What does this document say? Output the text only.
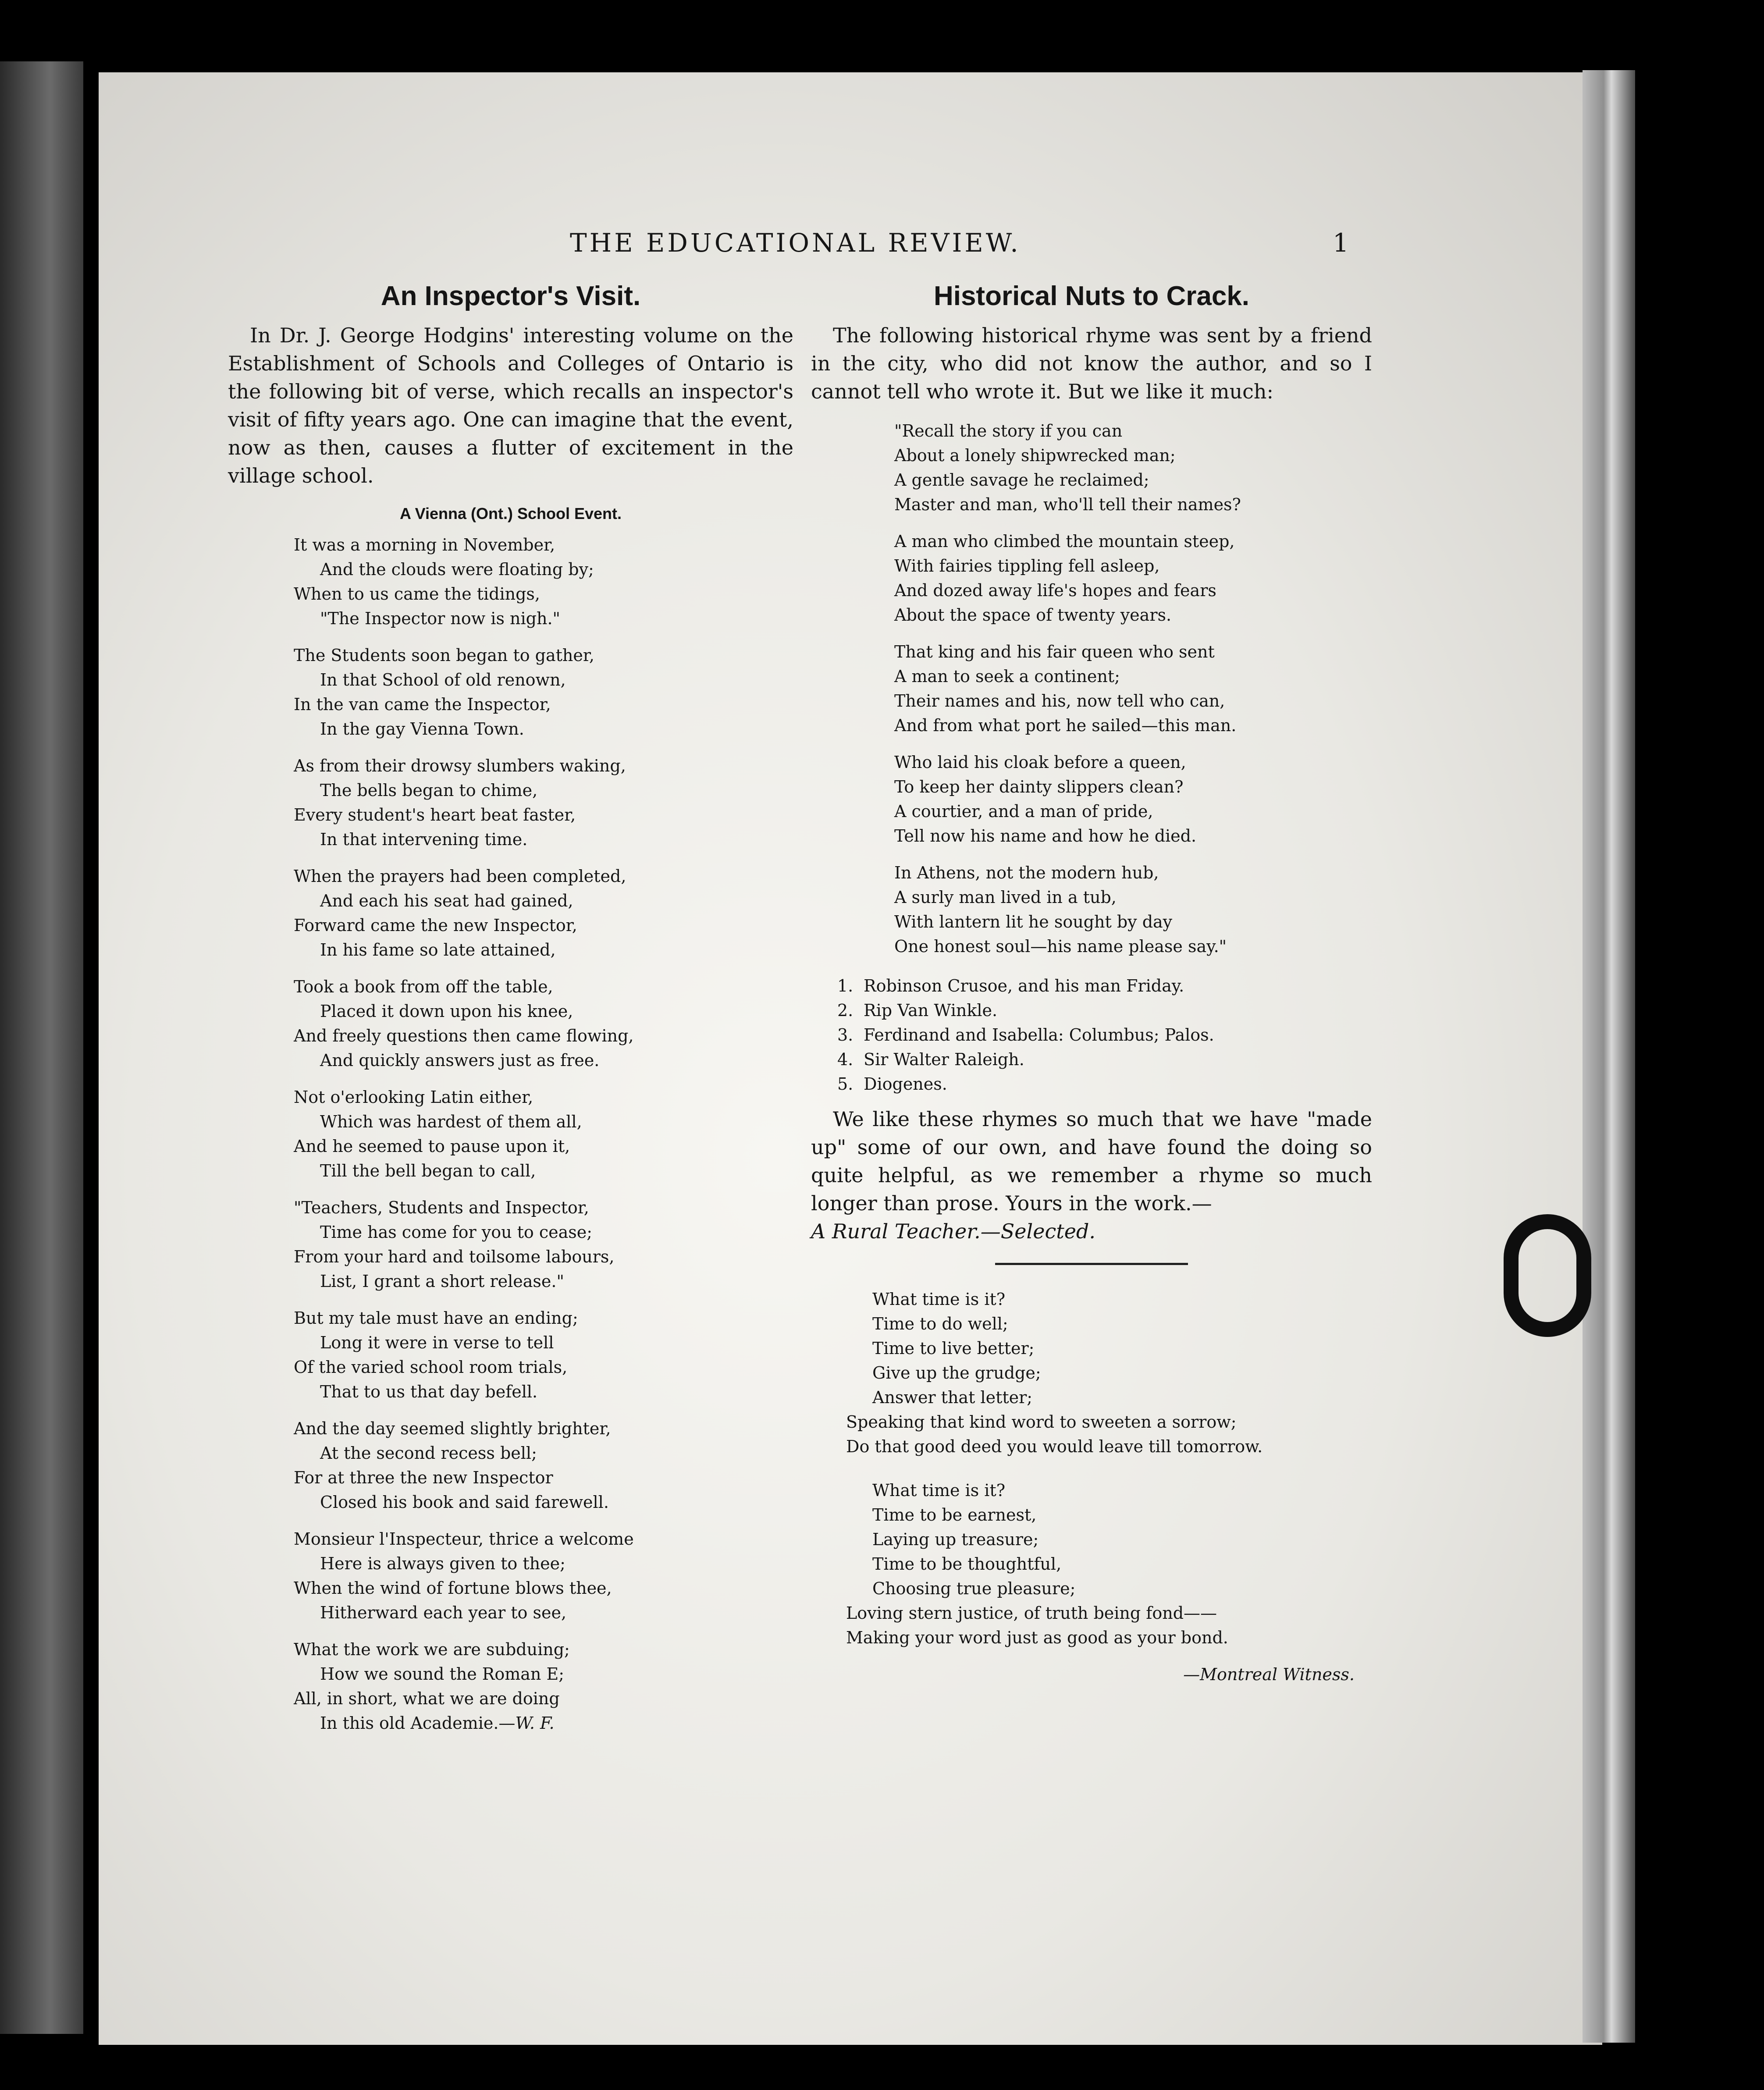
THE EDUCATIONAL REVIEW.	1
An Inspector's Visit.

In Dr. J. George Hodgins' interesting volume on the Establishment of Schools and Colleges of Ontario is the following bit of verse, which recalls an inspector's visit of fifty years ago. One can imagine that the event, now as then, causes a flutter of excitement in the village school.

A Vienna (Ont.) School Event.
It was a morning in November,
And the clouds were floating by;
When to us came the tidings,
"The Inspector now is nigh."
The Students soon began to gather,
In that School of old renown,
In the van came the Inspector,
In the gay Vienna Town.
As from their drowsy slumbers waking,
The bells began to chime,
Every student's heart beat faster,
In that intervening time.
When the prayers had been completed,
And each his seat had gained,
Forward came the new Inspector,
In his fame so late attained,
Took a book from off the table,
Placed it down upon his knee,
And freely questions then came flowing,
And quickly answers just as free.
Not o'erlooking Latin either,
Which was hardest of them all,
And he seemed to pause upon it,
Till the bell began to call,
"Teachers, Students and Inspector,
Time has come for you to cease;
From your hard and toilsome labours,
List, I grant a short release."
But my tale must have an ending;
Long it were in verse to tell
Of the varied school room trials,
That to us that day befell.
And the day seemed slightly brighter,
At the second recess bell;
For at three the new Inspector
Closed his book and said farewell.
Monsieur l'Inspecteur, thrice a welcome
Here is always given to thee;
When the wind of fortune blows thee,
Hitherward each year to see,
What the work we are subduing;
How we sound the Roman E;
All, in short, what we are doing
In this old Academie.—W. F.
Historical Nuts to Crack.

The following historical rhyme was sent by a friend in the city, who did not know the author, and so I cannot tell who wrote it. But we like it much:

"Recall the story if you can
About a lonely shipwrecked man;
A gentle savage he reclaimed;
Master and man, who'll tell their names?
A man who climbed the mountain steep,
With fairies tippling fell asleep,
And dozed away life's hopes and fears
About the space of twenty years.
That king and his fair queen who sent
A man to seek a continent;
Their names and his, now tell who can,
And from what port he sailed—this man.
Who laid his cloak before a queen,
To keep her dainty slippers clean?
A courtier, and a man of pride,
Tell now his name and how he died.
In Athens, not the modern hub,
A surly man lived in a tub,
With lantern lit he sought by day
One honest soul—his name please say."
1. Robinson Crusoe, and his man Friday.
2. Rip Van Winkle.
3. Ferdinand and Isabella: Columbus; Palos.
4. Sir Walter Raleigh.
5. Diogenes.

We like these rhymes so much that we have "made up" some of our own, and have found the doing so quite helpful, as we remember a rhyme so much longer than prose. Yours in the work.—
A Rural Teacher.—Selected.

What time is it?
Time to do well;
Time to live better;
Give up the grudge;
Answer that letter;
Speaking that kind word to sweeten a sorrow;
Do that good deed you would leave till tomorrow.
What time is it?
Time to be earnest,
Laying up treasure;
Time to be thoughtful,
Choosing true pleasure;
Loving stern justice, of truth being fond——
Making your word just as good as your bond.
—Montreal Witness.
